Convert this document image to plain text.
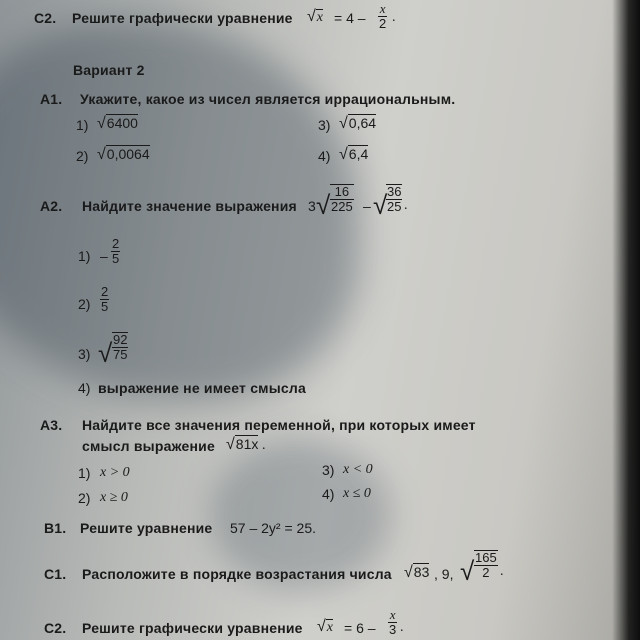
C2. Решите графически уравнение $√x = 4 - \frac{x}{2}$ .
Вариант 2
А1. Укажите, какое из чисел является иррациональным.
1) √6400
2) √0,0064
3) √0,64
4) √6,4
А2. Найдите значение выражения 3 √ $\frac{16}{225}$ – √
$\frac{36}{25}$ .
$1) - \frac{2}{5}$
$2) \frac{2}{5}$
3) √ $\frac{92}{75}$
4) выражение не имеет смысла
А3. Найдите все значения переменной, при которых имеет
смысл выражение √81x .
1) x > 0
2) x ≥ 0
3) x < 0
4) x ≤ 0
B1. Решите уравнение 57 – 2y² = 25.
C1. Расположите в порядке возрастания числа √83 , 9, √ $\frac{165}{2}$ .
C2. Решите графически уравнение $√x = 6 - \frac{x}{3}$ .
